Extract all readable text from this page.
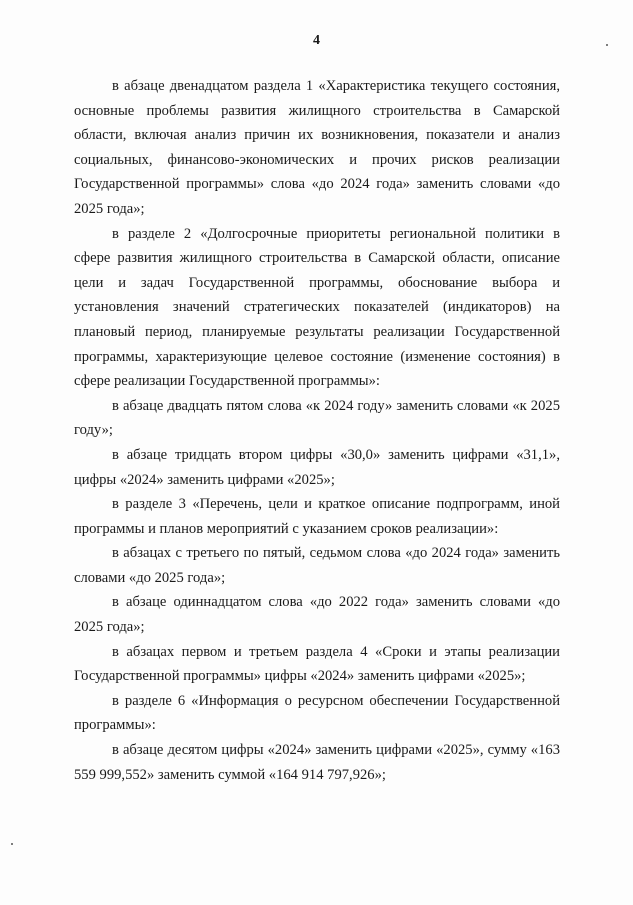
4

в абзаце двенадцатом раздела 1 «Характеристика текущего состояния, основные проблемы развития жилищного строительства в Самарской области, включая анализ причин их возникновения, показатели и анализ социальных, финансово-экономических и прочих рисков реализации Государственной программы» слова «до 2024 года» заменить словами «до 2025 года»;

в разделе 2 «Долгосрочные приоритеты региональной политики в сфере развития жилищного строительства в Самарской области, описание цели и задач Государственной программы, обоснование выбора и установления значений стратегических показателей (индикаторов) на плановый период, планируемые результаты реализации Государственной программы, характеризующие целевое состояние (изменение состояния) в сфере реализации Государственной программы»:

в абзаце двадцать пятом слова «к 2024 году» заменить словами «к 2025 году»;

в абзаце тридцать втором цифры «30,0» заменить цифрами «31,1», цифры «2024» заменить цифрами «2025»;

в разделе 3 «Перечень, цели и краткое описание подпрограмм, иной программы и планов мероприятий с указанием сроков реализации»:

в абзацах с третьего по пятый, седьмом слова «до 2024 года» заменить словами «до 2025 года»;

в абзаце одиннадцатом слова «до 2022 года» заменить словами «до 2025 года»;

в абзацах первом и третьем раздела 4 «Сроки и этапы реализации Государственной программы» цифры «2024» заменить цифрами «2025»;

в разделе 6 «Информация о ресурсном обеспечении Государственной программы»:

в абзаце десятом цифры «2024» заменить цифрами «2025», сумму «163 559 999,552» заменить суммой «164 914 797,926»;
